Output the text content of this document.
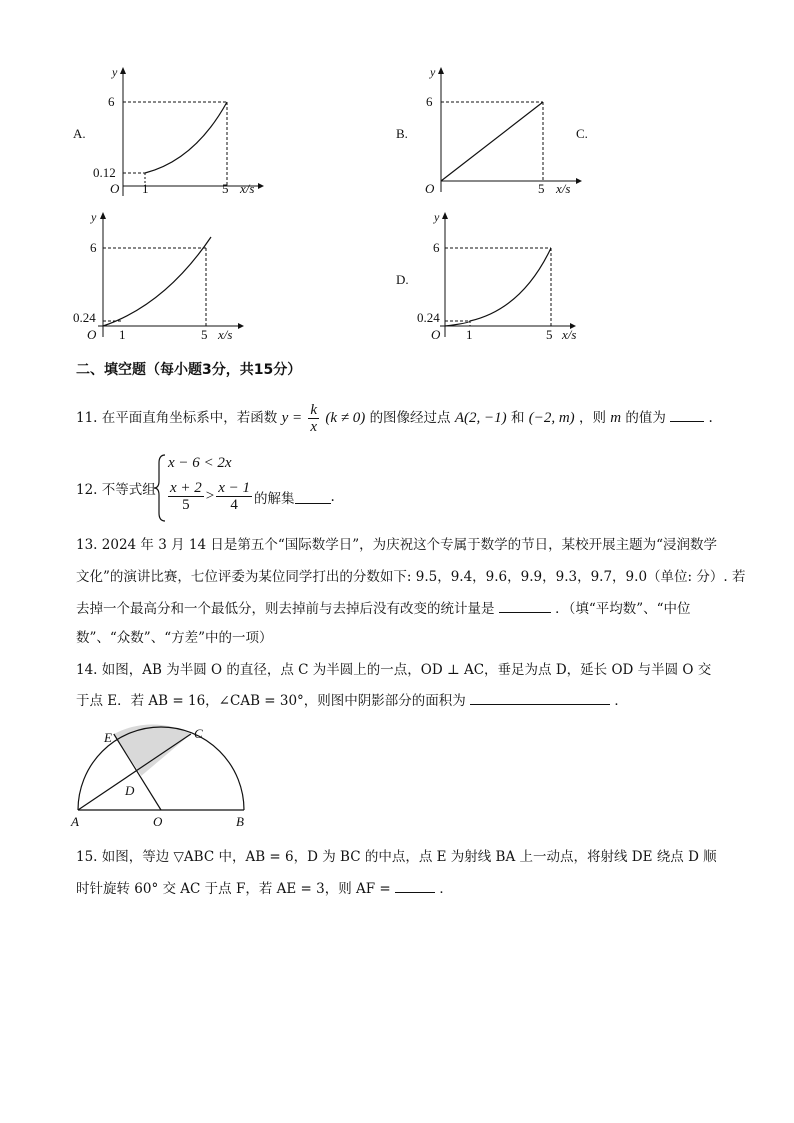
A.
y
6
0.12
O 1	5 x/s
B.
y
6
O	5 x/s
C.
y
6
0.24
O 1	5 x/s
D.
y
6
0.24
O 1	5 x/s
二、填空题（每小题3分，共15分）
11. 在平面直角坐标系中，若函数 $y = \frac{k}{x} (k \ne 0)$ 的图像经过点 A(2, −1) 和 (−2, m) ，则 m 的值为	.
12. 不等式组
x − 6 < 2x
$\frac{x + 2}{5} > \frac{x - 1}{4}$ 的解集	.
13. 2024 年 3 月 14 日是第五个“国际数学日”，为庆祝这个专属于数学的节日，某校开展主题为“浸润数学
文化”的演讲比赛，七位评委为某位同学打出的分数如下: 9.5，9.4，9.6，9.9，9.3，9.7，9.0（单位: 分）. 若
去掉一个最高分和一个最低分，则去掉前与去掉后没有改变的统计量是	．（填“平均数”、“中位
数”、“众数”、“方差”中的一项）
14. 如图，AB 为半圆 O 的直径，点 C 为半圆上的一点，OD ⊥ AC，垂足为点 D，延长 OD 与半圆 O 交
于点 E．若 AB = 16，∠CAB = 30°，则图中阴影部分的面积为	．
E	C
D
A	O	B
15. 如图，等边 ▽ABC 中，AB = 6，D 为 BC 的中点，点 E 为射线 BA 上一动点，将射线 DE 绕点 D 顺
时针旋转 60° 交 AC 于点 F，若 AE = 3，则 AF =	．
